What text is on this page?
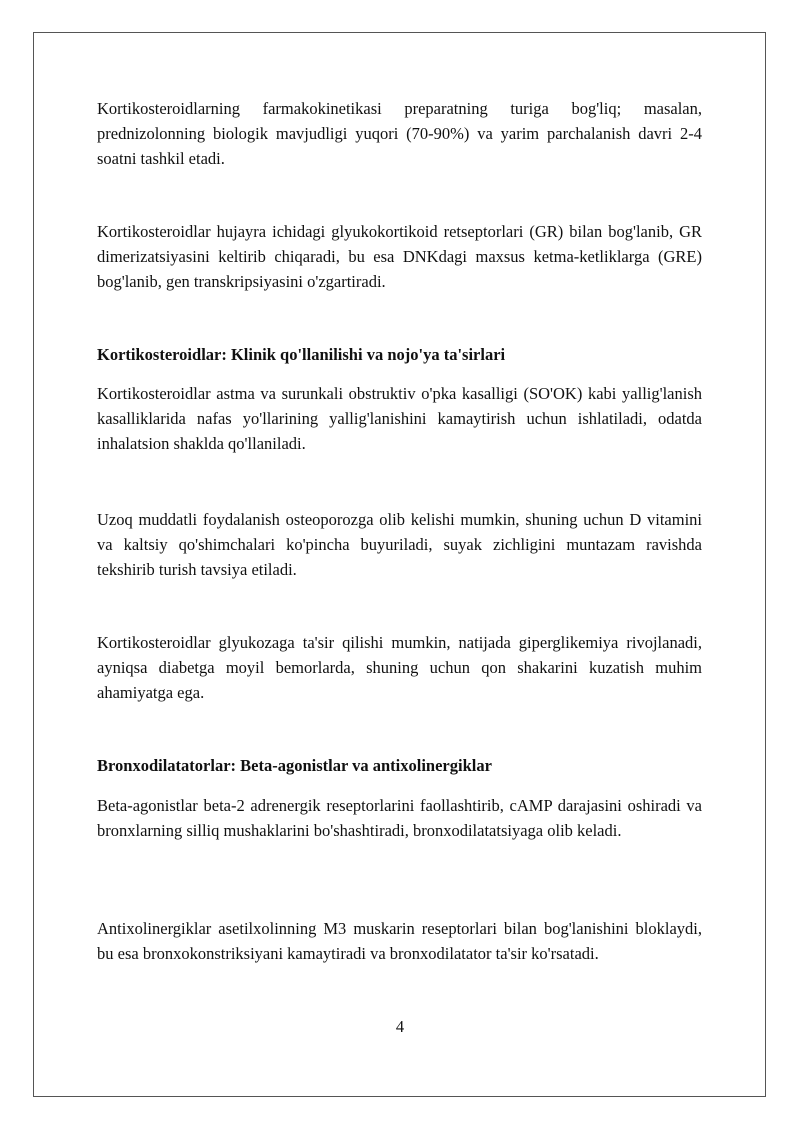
Kortikosteroidlarning farmakokinetikasi preparatning turiga bog'liq; masalan, prednizolonning biologik mavjudligi yuqori (70-90%) va yarim parchalanish davri 2-4 soatni tashkil etadi.

Kortikosteroidlar hujayra ichidagi glyukokortikoid retseptorlari (GR) bilan bog'lanib, GR dimerizatsiyasini keltirib chiqaradi, bu esa DNKdagi maxsus ketma-ketliklarga (GRE) bog'lanib, gen transkripsiyasini o'zgartiradi.

Kortikosteroidlar: Klinik qo'llanilishi va nojo'ya ta'sirlari

Kortikosteroidlar astma va surunkali obstruktiv o'pka kasalligi (SO'OK) kabi yallig'lanish kasalliklarida nafas yo'llarining yallig'lanishini kamaytirish uchun ishlatiladi, odatda inhalatsion shaklda qo'llaniladi.

Uzoq muddatli foydalanish osteoporozga olib kelishi mumkin, shuning uchun D vitamini va kaltsiy qo'shimchalari ko'pincha buyuriladi, suyak zichligini muntazam ravishda tekshirib turish tavsiya etiladi.

Kortikosteroidlar glyukozaga ta'sir qilishi mumkin, natijada giperglikemiya rivojlanadi, ayniqsa diabetga moyil bemorlarda, shuning uchun qon shakarini kuzatish muhim ahamiyatga ega.

Bronxodilatatorlar: Beta-agonistlar va antixolinergiklar

Beta-agonistlar beta-2 adrenergik reseptorlarini faollashtirib, cAMP darajasini oshiradi va bronxlarning silliq mushaklarini bo'shashtiradi, bronxodilatatsiyaga olib keladi.

Antixolinergiklar asetilxolinning M3 muskarin reseptorlari bilan bog'lanishini bloklaydi, bu esa bronxokonstriksiyani kamaytiradi va bronxodilatator ta'sir ko'rsatadi.

4
